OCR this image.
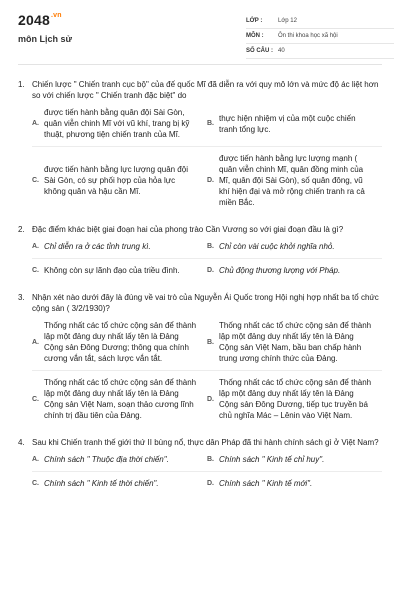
$2048^{.vn}$
môn Lịch sử
LỚP :	Lớp 12
MÔN :	Ôn thi khoa học xã hội
SỐ CÂU : 40
1. Chiến lược " Chiến tranh cục bộ" của đế quốc Mĩ đã diễn ra với quy mô lớn và mức độ ác liệt hơn so với chiến lược " Chiến tranh đặc biệt" do
A.
được tiến hành bằng quân đội Sài Gòn, quân viễn chinh Mĩ với vũ khí, trang bị kỹ thuật, phương tiện chiến tranh của Mĩ.
B.
thực hiện nhiệm vị của một cuộc chiến tranh tổng lực.
C.
được tiến hành bằng lực lượng quân đội Sài Gòn, có sự phối hợp của hỏa lực không quân và hậu cần Mĩ.
D.
được tiến hành bằng lực lượng mạnh ( quân viễn chinh Mĩ, quân đồng minh của Mĩ, quân đội Sài Gòn), số quân đông, vũ khí hiện đại và mở rộng chiến tranh ra cả miền Bắc.
2. Đặc điểm khác biệt giai đoạn hai của phong trào Cần Vương so với giai đoạn đầu là gì?
A. Chỉ diễn ra ở các tỉnh trung kì.	B. Chỉ còn vài cuộc khởi nghĩa nhỏ.
C. Không còn sự lãnh đạo của triều đình.	D. Chủ động thương lượng với Pháp.
3. Nhận xét nào dưới đây là đúng về vai trò của Nguyễn Ái Quốc trong Hội nghị hợp nhất ba tổ chức cộng sản ( 3/2/1930)?
A.
Thống nhất các tổ chức cộng sản để thành lập một đảng duy nhất lấy tên là Đảng Cộng sản Đông Dương; thông qua chính cương vắn tắt, sách lược vắn tắt.
B.
Thống nhất các tổ chức cộng sản để thành lập một đảng duy nhất lấy tên là Đảng Cộng sản Việt Nam, bầu ban chấp hành trung ương chính thức của Đảng.
C.
Thống nhất các tổ chức cộng sản để thành lập một đảng duy nhất lấy tên là Đảng Cộng sản Việt Nam, soạn thảo cương lĩnh chính trị đầu tiên của Đảng.
D.
Thống nhất các tổ chức cộng sản để thành lập một đảng duy nhất lấy tên là Đảng Cộng sản Đông Dương, tiếp tục truyền bá chủ nghĩa Mác – Lênin vào Việt Nam.
4. Sau khi Chiến tranh thế giới thứ II bùng nổ, thực dân Pháp đã thi hành chính sách gì ở Việt Nam?
A. Chính sách " Thuộc địa thời chiến".	B. Chính sách " Kinh tế chỉ huy".
C. Chính sách " Kinh tế thời chiến".	D. Chính sách " Kinh tế mới".
